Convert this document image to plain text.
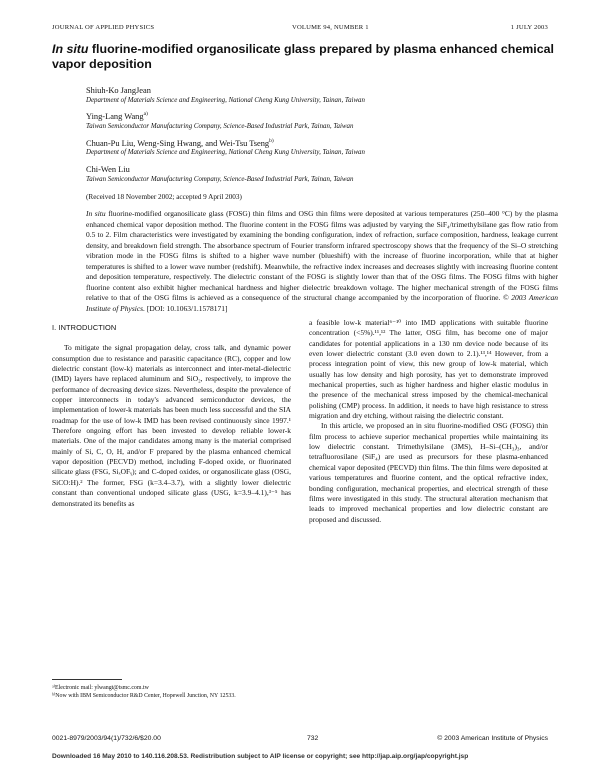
JOURNAL OF APPLIED PHYSICS	VOLUME 94, NUMBER 1	1 JULY 2003
In situ fluorine-modified organosilicate glass prepared by plasma enhanced chemical vapor deposition
Shiuh-Ko JangJean
Department of Materials Science and Engineering, National Cheng Kung University, Tainan, Taiwan
Ying-Lang Wang$^{a)}$
Taiwan Semiconductor Manufacturing Company, Science-Based Industrial Park, Tainan, Taiwan
Chuan-Pu Liu, Weng-Sing Hwang, and Wei-Tsu Tseng$^{b)}$
Department of Materials Science and Engineering, National Cheng Kung University, Tainan, Taiwan
Chi-Wen Liu
Taiwan Semiconductor Manufacturing Company, Science-Based Industrial Park, Tainan, Taiwan
(Received 18 November 2002; accepted 9 April 2003)
In situ fluorine-modified organosilicate glass (FOSG) thin films and OSG thin films were deposited at various temperatures (250–400 °C) by the plasma enhanced chemical vapor deposition method. The fluorine content in the FOSG films was adjusted by varying the SiF₄/trimethylsilane gas flow ratio from 0.5 to 2. Film characteristics were investigated by examining the bonding configuration, index of refraction, surface composition, hardness, leakage current density, and breakdown field strength. The absorbance spectrum of Fourier transform infrared spectroscopy shows that the frequency of the Si–O stretching vibration mode in the FOSG films is shifted to a higher wave number (blueshift) with the increase of fluorine incorporation, while that at higher temperatures is shifted to a lower wave number (redshift). Meanwhile, the refractive index increases and decreases slightly with increasing fluorine content and deposition temperature, respectively. The dielectric constant of the FOSG is slightly lower than that of the OSG films. The FOSG films with higher fluorine content also exhibit higher mechanical hardness and higher dielectric breakdown voltage. The higher mechanical strength of the FOSG films relative to that of the OSG films is achieved as a consequence of the structural change accompanied by the incorporation of fluorine. © 2003 American Institute of Physics. [DOI: 10.1063/1.1578171]
I. INTRODUCTION

To mitigate the signal propagation delay, cross talk, and dynamic power consumption due to resistance and parasitic capacitance (RC), copper and low dielectric constant (low-k) materials as interconnect and inter-metal-dielectric (IMD) layers have replaced aluminum and SiO₂, respectively, to improve the performance of decreasing device sizes. Nevertheless, despite the prevalence of copper interconnects in today's advanced semiconductor devices, the implementation of lower-k materials has been much less successful and the SIA roadmap for the use of low-k IMD has been revised continuously since 1997.¹ Therefore ongoing effort has been invested to develop reliable lower-k materials. One of the major candidates among many is the material comprised mainly of Si, C, O, H, and/or F prepared by the plasma enhanced chemical vapor deposition (PECVD) method, including F-doped oxide, or fluorinated silicate glass (FSG, SiₓOFᵧ); and C-doped oxides, or organosilicate glass (OSG, SiCO:H).² The former, FSG (k=3.4–3.7), with a slightly lower dielectric constant than conventional undoped silicate glass (USG, k=3.9–4.1),³⁻⁵ has demonstrated its benefits as

a feasible low-k material⁶⁻¹⁰ into IMD applications with suitable fluorine concentration (<5%).¹¹,¹² The latter, OSG film, has become one of major candidates for potential applications in a 130 nm device node because of its even lower dielectric constant (3.0 even down to 2.1).¹³,¹⁴ However, from a process integration point of view, this new group of low-k material, which usually has low density and high porosity, has yet to demonstrate improved mechanical properties, such as higher hardness and higher elastic modulus in the presence of the mechanical stress imposed by the chemical-mechanical polishing (CMP) process. In addition, it needs to have high resistance to stress migration and dry etching, without raising the dielectric constant.

In this article, we proposed an in situ fluorine-modified OSG (FOSG) thin film process to achieve superior mechanical properties while maintaining its low dielectric constant. Trimethylsilane (3MS), H–Si–(CH₃)₃, and/or tetrafluorosilane (SiF₄) are used as precursors for these plasma-enhanced chemical vapor deposited (PECVD) thin films. The thin films were deposited at various temperatures and fluorine content, and the optical refractive index, bonding configuration, mechanical properties, and electrical strength of these films were investigated in this study. The structural alteration mechanism that leads to improved mechanical properties and low dielectric constant are proposed and discussed.

ᵃ⁾Electronic mail: ylwangt@tsmc.com.tw
ᵇ⁾Now with IBM Semiconductor R&D Center, Hopewell Junction, NY 12533.
0021-8979/2003/94(1)/732/6/$20.00	732	© 2003 American Institute of Physics
Downloaded 16 May 2010 to 140.116.208.53. Redistribution subject to AIP license or copyright; see http://jap.aip.org/jap/copyright.jsp
